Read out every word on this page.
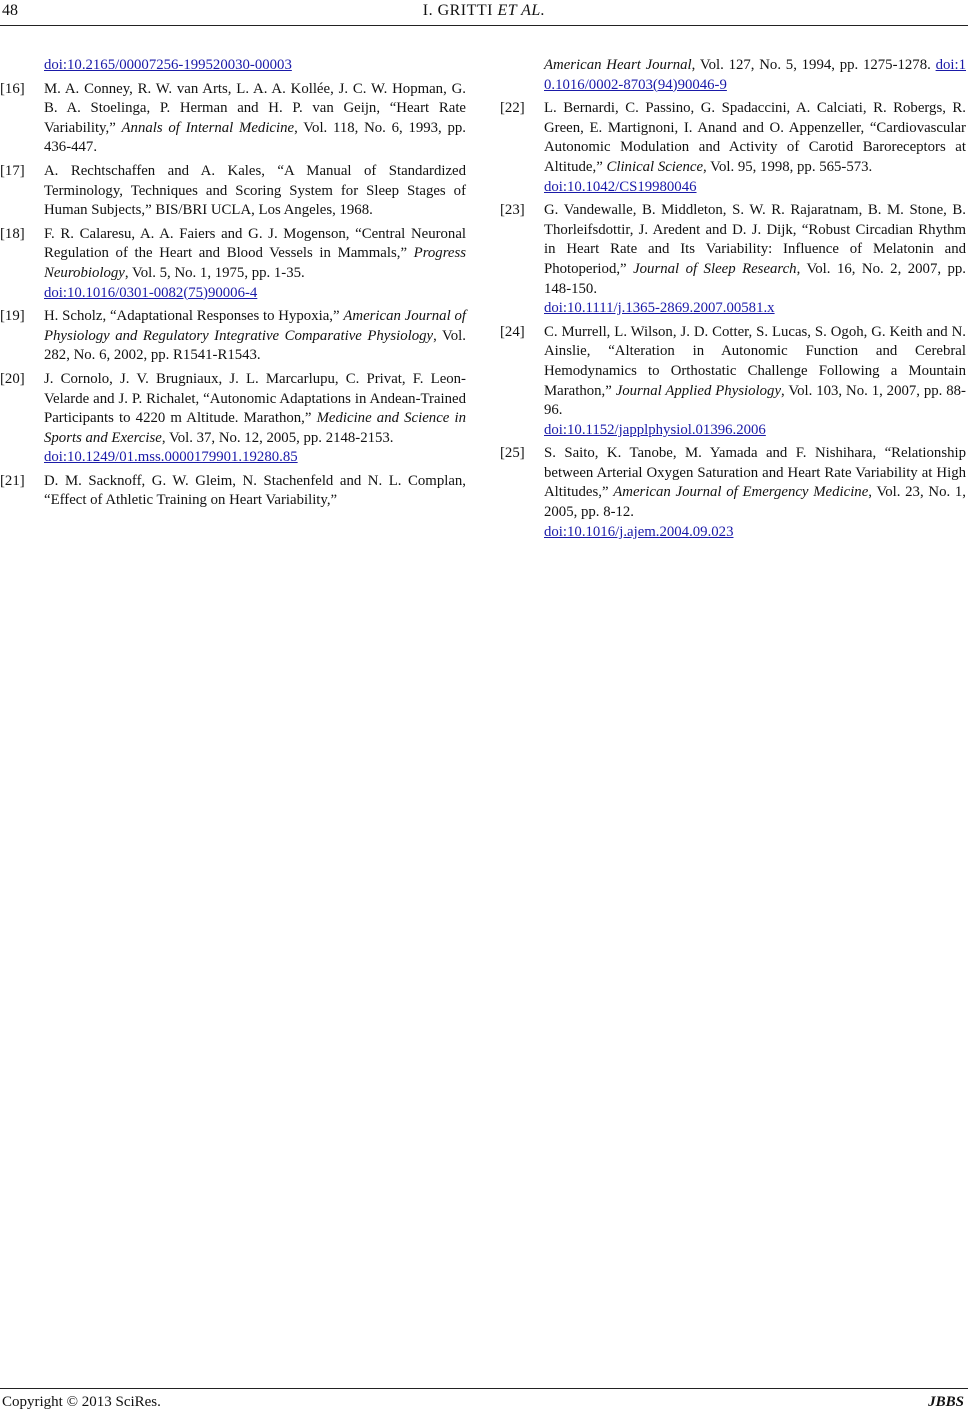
48	I. GRITTI ET AL.
doi:10.2165/00007256-199520030-00003
[16] M. A. Conney, R. W. van Arts, L. A. A. Kollée, J. C. W. Hopman, G. B. A. Stoelinga, P. Herman and H. P. van Geijn, “Heart Rate Variability,” Annals of Internal Medicine, Vol. 118, No. 6, 1993, pp. 436-447.
[17] A. Rechtschaffen and A. Kales, “A Manual of Standardized Terminology, Techniques and Scoring System for Sleep Stages of Human Subjects,” BIS/BRI UCLA, Los Angeles, 1968.
[18] F. R. Calaresu, A. A. Faiers and G. J. Mogenson, “Central Neuronal Regulation of the Heart and Blood Vessels in Mammals,” Progress Neurobiology, Vol. 5, No. 1, 1975, pp. 1-35.
doi:10.1016/0301-0082(75)90006-4
[19] H. Scholz, “Adaptational Responses to Hypoxia,” American Journal of Physiology and Regulatory Integrative Comparative Physiology, Vol. 282, No. 6, 2002, pp. R1541-R1543.
[20] J. Cornolo, J. V. Brugniaux, J. L. Marcarlupu, C. Privat, F. Leon-Velarde and J. P. Richalet, “Autonomic Adaptations in Andean-Trained Participants to 4220 m Altitude. Marathon,” Medicine and Science in Sports and Exercise, Vol. 37, No. 12, 2005, pp. 2148-2153.
doi:10.1249/01.mss.0000179901.19280.85
[21] D. M. Sacknoff, G. W. Gleim, N. Stachenfeld and N. L. Complan, “Effect of Athletic Training on Heart Variability,”
American Heart Journal, Vol. 127, No. 5, 1994, pp. 1275-1278. doi:10.1016/0002-8703(94)90046-9
[22] L. Bernardi, C. Passino, G. Spadaccini, A. Calciati, R. Robergs, R. Green, E. Martignoni, I. Anand and O. Appenzeller, “Cardiovascular Autonomic Modulation and Activity of Carotid Baroreceptors at Altitude,” Clinical Science, Vol. 95, 1998, pp. 565-573.
doi:10.1042/CS19980046
[23] G. Vandewalle, B. Middleton, S. W. R. Rajaratnam, B. M. Stone, B. Thorleifsdottir, J. Aredent and D. J. Dijk, “Robust Circadian Rhythm in Heart Rate and Its Variability: Influence of Melatonin and Photoperiod,” Journal of Sleep Research, Vol. 16, No. 2, 2007, pp. 148-150.
doi:10.1111/j.1365-2869.2007.00581.x
[24] C. Murrell, L. Wilson, J. D. Cotter, S. Lucas, S. Ogoh, G. Keith and N. Ainslie, “Alteration in Autonomic Function and Cerebral Hemodynamics to Orthostatic Challenge Following a Mountain Marathon,” Journal Applied Physiology, Vol. 103, No. 1, 2007, pp. 88-96.
doi:10.1152/japplphysiol.01396.2006
[25] S. Saito, K. Tanobe, M. Yamada and F. Nishihara, “Relationship between Arterial Oxygen Saturation and Heart Rate Variability at High Altitudes,” American Journal of Emergency Medicine, Vol. 23, No. 1, 2005, pp. 8-12.
doi:10.1016/j.ajem.2004.09.023
Copyright © 2013 SciRes.	JBBS
